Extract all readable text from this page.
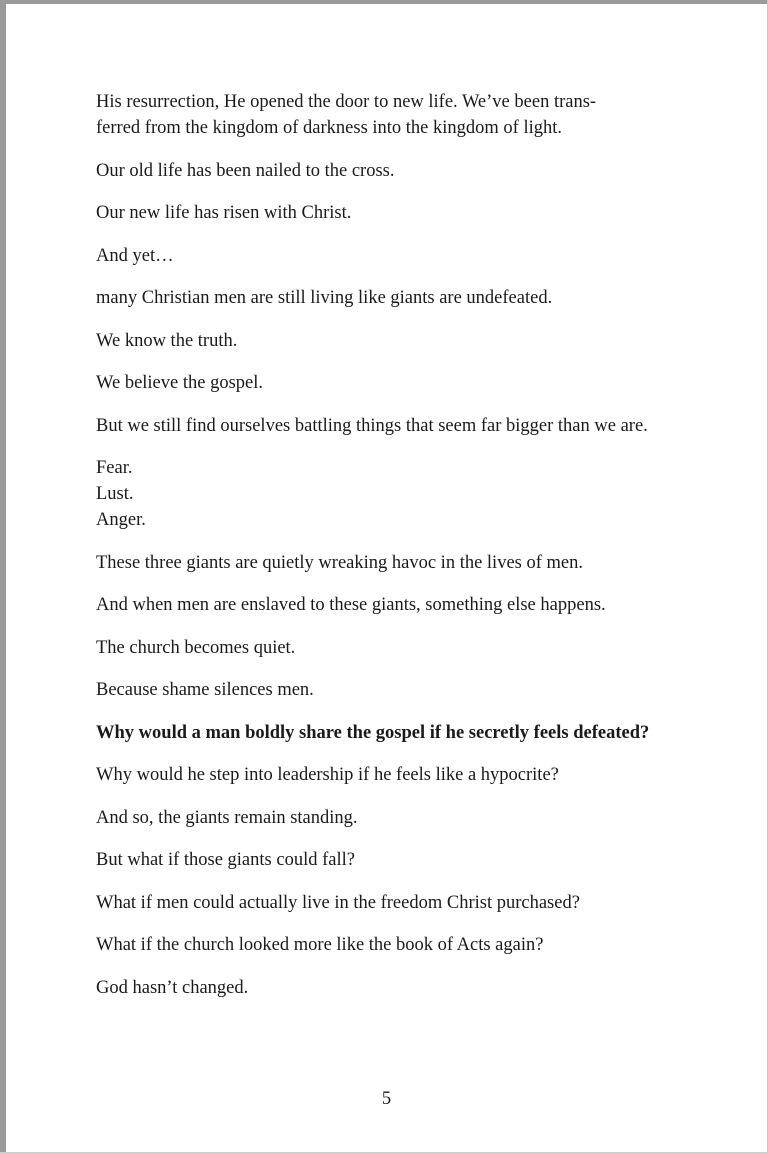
His resurrection, He opened the door to new life. We’ve been trans-
ferred from the kingdom of darkness into the kingdom of light.

Our old life has been nailed to the cross.

Our new life has risen with Christ.

And yet…

many Christian men are still living like giants are undefeated.

We know the truth.

We believe the gospel.

But we still find ourselves battling things that seem far bigger than we are.

Fear.
Lust.
Anger.

These three giants are quietly wreaking havoc in the lives of men.

And when men are enslaved to these giants, something else happens.

The church becomes quiet.

Because shame silences men.

Why would a man boldly share the gospel if he secretly feels defeated?

Why would he step into leadership if he feels like a hypocrite?

And so, the giants remain standing.

But what if those giants could fall?

What if men could actually live in the freedom Christ purchased?

What if the church looked more like the book of Acts again?

God hasn’t changed.

5
